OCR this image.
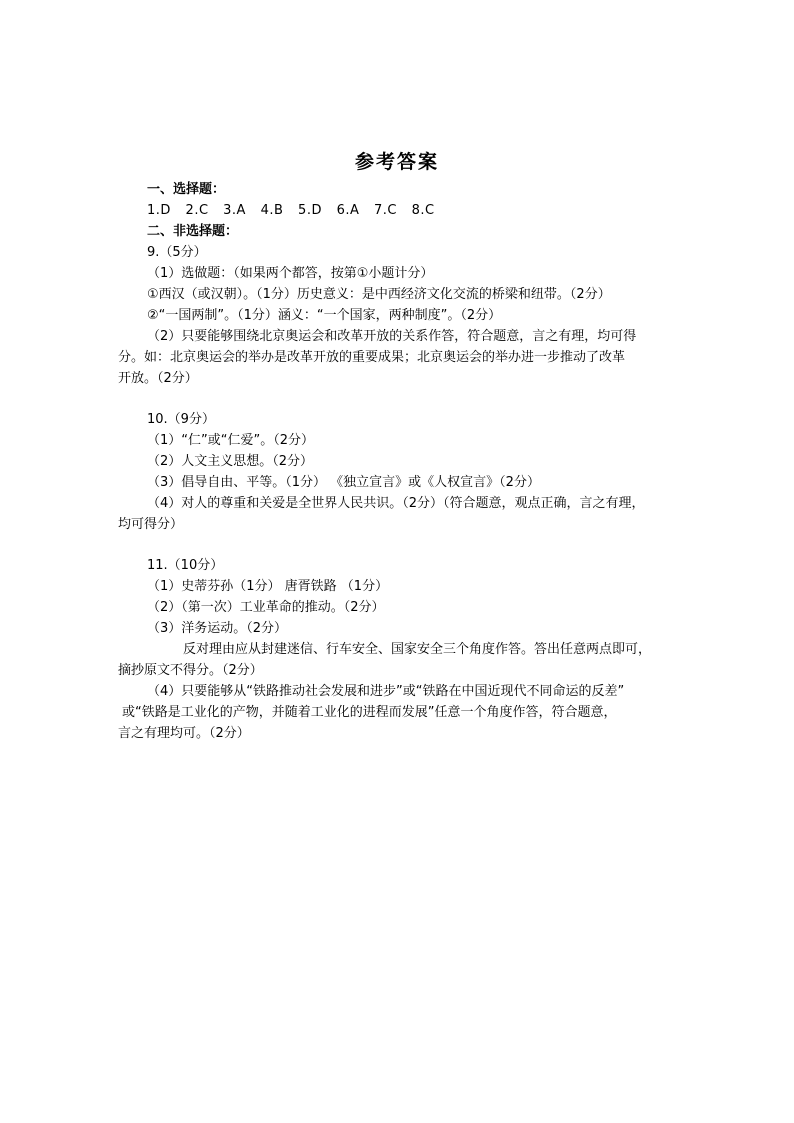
参考答案
一、选择题：
1.D 2.C 3.A 4.B 5.D 6.A 7.C 8.C
二、非选择题：
9.（5分）
（1）选做题：（如果两个都答，按第①小题计分）
①西汉（或汉朝）。（1分）历史意义：是中西经济文化交流的桥梁和纽带。（2分）
②“一国两制”。（1分）涵义：“一个国家，两种制度”。（2分）
（2）只要能够围绕北京奥运会和改革开放的关系作答，符合题意，言之有理，均可得
分。如：北京奥运会的举办是改革开放的重要成果；北京奥运会的举办进一步推动了改革
开放。（2分）
10.（9分）
（1）“仁”或“仁爱”。（2分）
（2）人文主义思想。（2分）
（3）倡导自由、平等。（1分） 《独立宣言》或《人权宣言》（2分）
（4）对人的尊重和关爱是全世界人民共识。（2分）（符合题意，观点正确，言之有理，
均可得分）
11.（10分）
（1）史蒂芬孙（1分） 唐胥铁路 （1分）
（2）（第一次）工业革命的推动。（2分）
（3）洋务运动。（2分）
反对理由应从封建迷信、行车安全、国家安全三个角度作答。答出任意两点即可，
摘抄原文不得分。（2分）
（4）只要能够从“铁路推动社会发展和进步”或“铁路在中国近现代不同命运的反差”
或“铁路是工业化的产物，并随着工业化的进程而发展”任意一个角度作答，符合题意，
言之有理均可。（2分）
